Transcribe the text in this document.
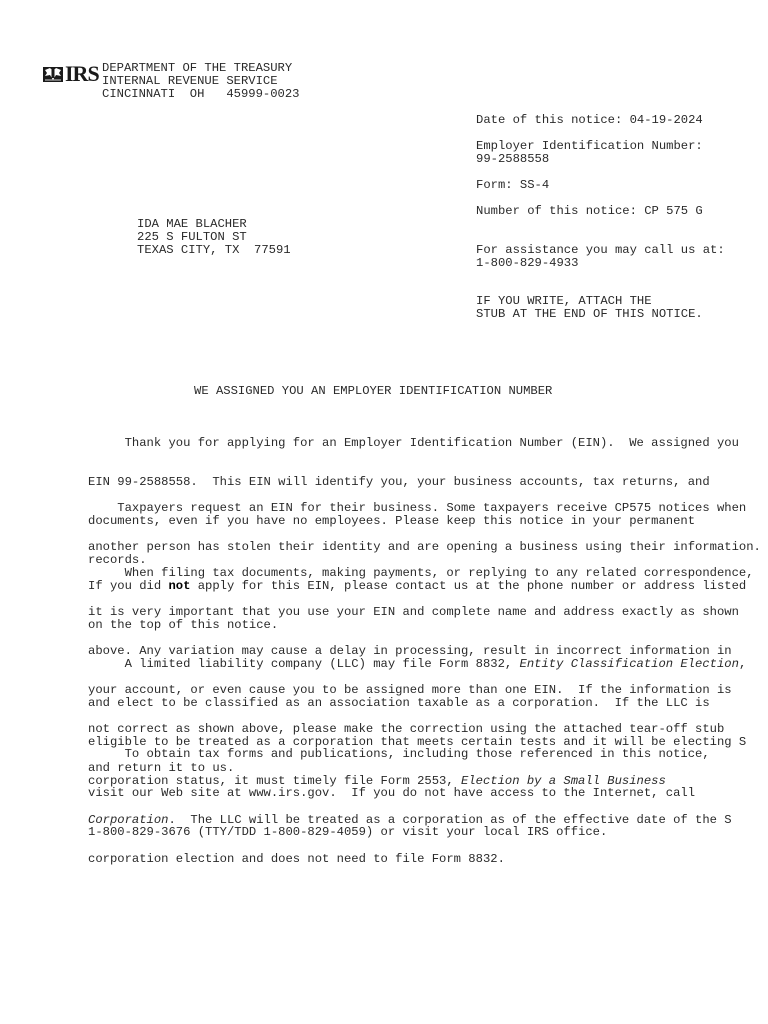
IRS DEPARTMENT OF THE TREASURY
INTERNAL REVENUE SERVICE
CINCINNATI  OH   45999-0023
Date of this notice: 04-19-2024
Employer Identification Number:
99-2588558
Form: SS-4
Number of this notice: CP 575 G
For assistance you may call us at:
1-800-829-4933
IF YOU WRITE, ATTACH THE
STUB AT THE END OF THIS NOTICE.
IDA MAE BLACHER
225 S FULTON ST
TEXAS CITY, TX  77591
WE ASSIGNED YOU AN EMPLOYER IDENTIFICATION NUMBER

Thank you for applying for an Employer Identification Number (EIN).  We assigned you

EIN 99-2588558.  This EIN will identify you, your business accounts, tax returns, and

documents, even if you have no employees. Please keep this notice in your permanent

records.

Taxpayers request an EIN for their business. Some taxpayers receive CP575 notices when

another person has stolen their identity and are opening a business using their information.

If you did not apply for this EIN, please contact us at the phone number or address listed

on the top of this notice.

When filing tax documents, making payments, or replying to any related correspondence,

it is very important that you use your EIN and complete name and address exactly as shown

above. Any variation may cause a delay in processing, result in incorrect information in

your account, or even cause you to be assigned more than one EIN.  If the information is

not correct as shown above, please make the correction using the attached tear-off stub

and return it to us.

A limited liability company (LLC) may file Form 8832, Entity Classification Election,

and elect to be classified as an association taxable as a corporation.  If the LLC is

eligible to be treated as a corporation that meets certain tests and it will be electing S

corporation status, it must timely file Form 2553, Election by a Small Business

Corporation.  The LLC will be treated as a corporation as of the effective date of the S

corporation election and does not need to file Form 8832.

To obtain tax forms and publications, including those referenced in this notice,

visit our Web site at www.irs.gov.  If you do not have access to the Internet, call

1-800-829-3676 (TTY/TDD 1-800-829-4059) or visit your local IRS office.
